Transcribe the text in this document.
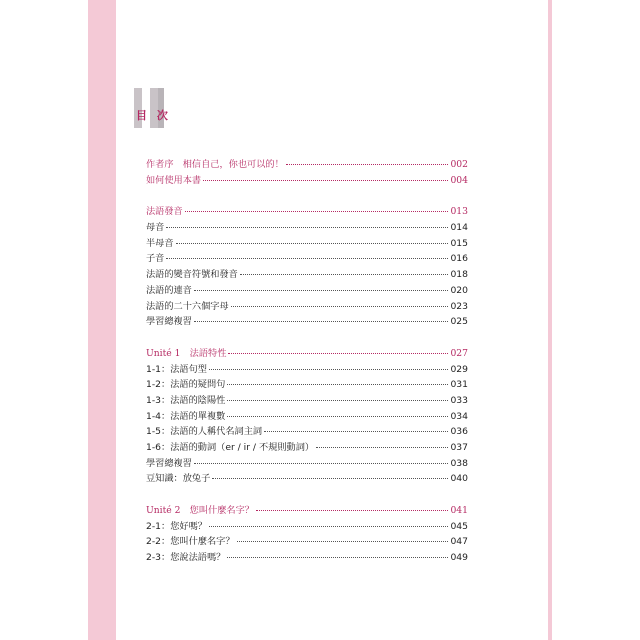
目 次
作者序　相信自己，你也可以的！	002
如何使用本書	004
法語發音	013
母音	014
半母音	015
子音	016
法語的變音符號和發音	018
法語的連音	020
法語的二十六個字母	023
學習總複習	025
Unité 1　法語特性	027
1-1：法語句型	029
1-2：法語的疑問句	031
1-3：法語的陰陽性	033
1-4：法語的單複數	034
1-5：法語的人稱代名詞主詞	036
1-6：法語的動詞（er / ir / 不規則動詞）	037
學習總複習	038
豆知識：放兔子	040
Unité 2　您叫什麼名字？	041
2-1：您好嗎？	045
2-2：您叫什麼名字？	047
2-3：您說法語嗎？	049
